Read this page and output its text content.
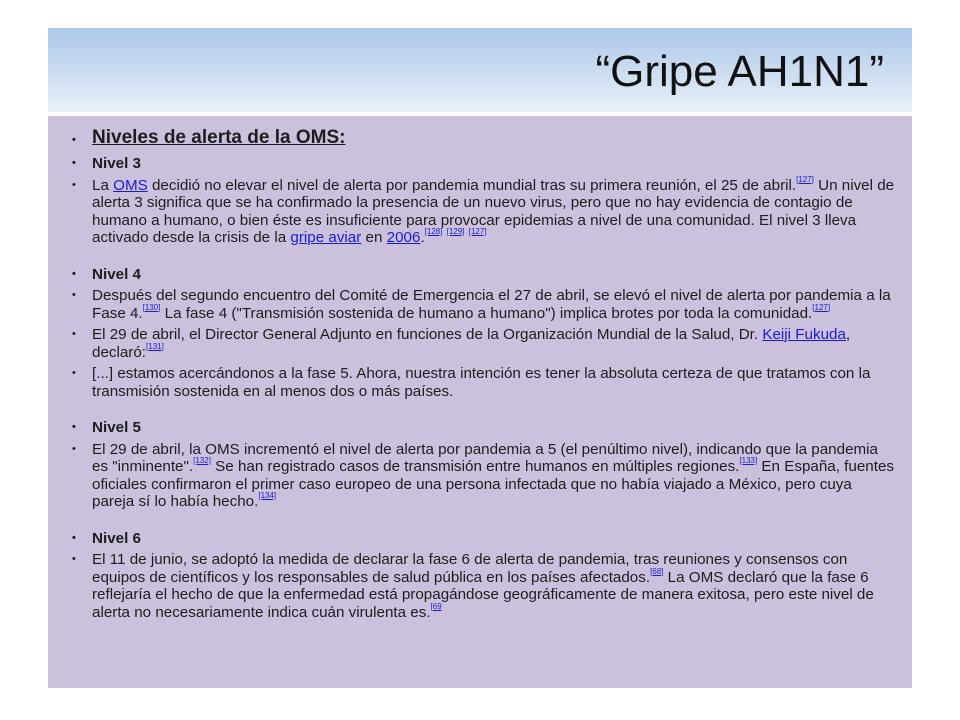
“Gripe AH1N1”
• Niveles de alerta de la OMS:
• Nivel 3
• La OMS decidió no elevar el nivel de alerta por pandemia mundial tras su primera reunión, el 25 de abril.[127] Un nivel de alerta 3 significa que se ha confirmado la presencia de un nuevo virus, pero que no hay evidencia de contagio de humano a humano, o bien éste es insuficiente para provocar epidemias a nivel de una comunidad. El nivel 3 lleva activado desde la crisis de la gripe aviar en 2006.[128] [129] [127]
• Nivel 4
• Después del segundo encuentro del Comité de Emergencia el 27 de abril, se elevó el nivel de alerta por pandemia a la Fase 4.[130] La fase 4 ("Transmisión sostenida de humano a humano") implica brotes por toda la comunidad.[127]
• El 29 de abril, el Director General Adjunto en funciones de la Organización Mundial de la Salud, Dr. Keiji Fukuda, declaró:[131]
• [...] estamos acercándonos a la fase 5. Ahora, nuestra intención es tener la absoluta certeza de que tratamos con la transmisión sostenida en al menos dos o más países.
• Nivel 5
• El 29 de abril, la OMS incrementó el nivel de alerta por pandemia a 5 (el penúltimo nivel), indicando que la pandemia es "inminente".[132] Se han registrado casos de transmisión entre humanos en múltiples regiones.[133] En España, fuentes oficiales confirmaron el primer caso europeo de una persona infectada que no había viajado a México, pero cuya pareja sí lo había hecho.[134]
• Nivel 6
• El 11 de junio, se adoptó la medida de declarar la fase 6 de alerta de pandemia, tras reuniones y consensos con equipos de científicos y los responsables de salud pública en los países afectados.[68] La OMS declaró que la fase 6 reflejaría el hecho de que la enfermedad está propagándose geográficamente de manera exitosa, pero este nivel de alerta no necesariamente indica cuán virulenta es.$^{[69}$
